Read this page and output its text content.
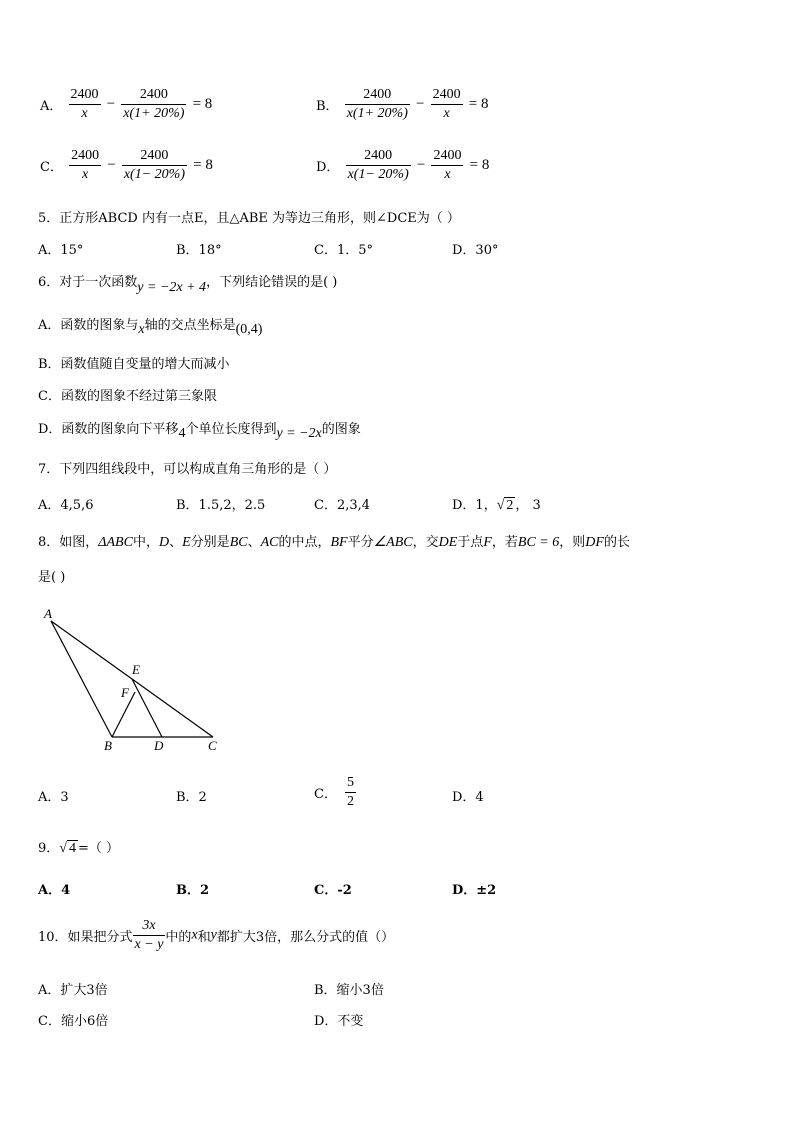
A． $\frac{2400}{x} - \frac{2400}{x(1+ 20\%)} = 8$	B． $\frac{2400}{x(1+ 20\%)} - \frac{2400}{x} = 8$
C． $\frac{2400}{x} - \frac{2400}{x(1- 20\%)} = 8$	D． $\frac{2400}{x(1- 20\%)} - \frac{2400}{x} = 8$
5．正方形ABCD 内有一点E，且△ABE 为等边三角形，则∠DCE为（ ）
A．15°	B．18°	C．1．5°	D．30°
6．对于一次函数y = −2x + 4，下列结论错误的是( )
A．函数的图象与x轴的交点坐标是(0,4)
B．函数值随自变量的增大而减小
C．函数的图象不经过第三象限
D．函数的图象向下平移4个单位长度得到y = −2x的图象
7．下列四组线段中，可以构成直角三角形的是（ ）
A．4,5,6	B．1.5,2，2.5	C．2,3,4	D．1，√ 2 ， 3
8．如图，ΔABC中，D、E分别是BC、AC的中点，BF平分∠ABC，交DE于点F，若BC = 6，则DF的长
是( )
A
E
F
B	D	C
A．3	B．2	C． $\frac{5}{2}$	D．4
9．√ 4 =（ ）
A．4	B．2	C．-2	D．±2
10．如果把分式 $\frac{3x}{x - y}$ 中的x和y都扩大3倍，那么分式的值（）
A．扩大3倍	B．缩小3倍
C．缩小6倍	D．不变
